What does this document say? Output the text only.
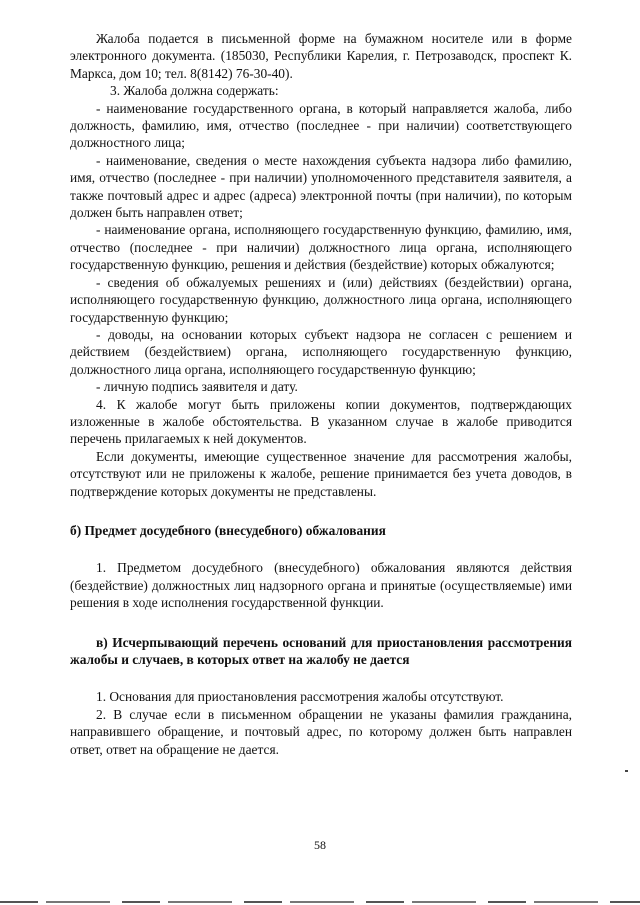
Жалоба подается в письменной форме на бумажном носителе или в форме электронного документа. (185030, Республики Карелия, г. Петрозаводск, проспект К. Маркса, дом 10; тел. 8(8142) 76-30-40).

3. Жалоба должна содержать:

- наименование государственного органа, в который направляется жалоба, либо должность, фамилию, имя, отчество (последнее - при наличии) соответствующего должностного лица;

- наименование, сведения о месте нахождения субъекта надзора либо фамилию, имя, отчество (последнее - при наличии) уполномоченного представителя заявителя, а также почтовый адрес и адрес (адреса) электронной почты (при наличии), по которым должен быть направлен ответ;

- наименование органа, исполняющего государственную функцию, фамилию, имя, отчество (последнее - при наличии) должностного лица органа, исполняющего государственную функцию, решения и действия (бездействие) которых обжалуются;

- сведения об обжалуемых решениях и (или) действиях (бездействии) органа, исполняющего государственную функцию, должностного лица органа, исполняющего государственную функцию;

- доводы, на основании которых субъект надзора не согласен с решением и действием (бездействием) органа, исполняющего государственную функцию, должностного лица органа, исполняющего государственную функцию;

- личную подпись заявителя и дату.

4. К жалобе могут быть приложены копии документов, подтверждающих изложенные в жалобе обстоятельства. В указанном случае в жалобе приводится перечень прилагаемых к ней документов.

Если документы, имеющие существенное значение для рассмотрения жалобы, отсутствуют или не приложены к жалобе, решение принимается без учета доводов, в подтверждение которых документы не представлены.

б) Предмет досудебного (внесудебного) обжалования

1. Предметом досудебного (внесудебного) обжалования являются действия (бездействие) должностных лиц надзорного органа и принятые (осуществляемые) ими решения в ходе исполнения государственной функции.

в) Исчерпывающий перечень оснований для приостановления рассмотрения жалобы и случаев, в которых ответ на жалобу не дается

1. Основания для приостановления рассмотрения жалобы отсутствуют.

2. В случае если в письменном обращении не указаны фамилия гражданина, направившего обращение, и почтовый адрес, по которому должен быть направлен ответ, ответ на обращение не дается.

58
